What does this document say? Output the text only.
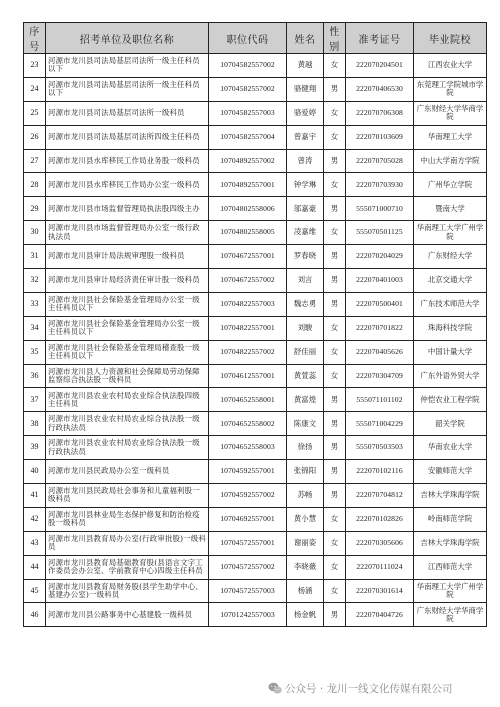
序号	招考单位及职位名称	职位代码	姓名	性别	准考证号	毕业院校
23	河源市龙川县司法局基层司法所一级主任科员以下	10704582557002	黄越	女	222070204501	江西农业大学
24	河源市龙川县司法局基层司法所一级主任科员以下	10704582557002	骆健翔	男	222070406530	东莞理工学院城市学院
25	河源市龙川县司法局基层司法所一级科员	10704582557003	骆爱婷	女	222070706308	广东财经大学华商学院
26	河源市龙川县司法局基层司法所四级主任科员	10704582557004	曾嘉宇	女	222070103609	华南理工大学
27	河源市龙川县水库移民工作局业务股一级科员	10704892557002	曾涛	男	222070705028	中山大学南方学院
28	河源市龙川县水库移民工作局办公室一级科员	10704892557001	钟学琳	女	222070703930	广州华立学院
29	河源市龙川县市场监督管理局执法股四级主办	10704802558006	邬嘉豪	男	555071000710	暨南大学
30	河源市龙川县市场监督管理局办公室一级行政执法员	10704802558005	凌嘉维	女	555070501125	华南理工大学广州学院
31	河源市龙川县审计局法规审理股一级科员	10704672557001	罗春晓	男	222070204029	广东财经大学
32	河源市龙川县审计局经济责任审计股一级科员	10704672557002	刘言	男	222070401003	北京交通大学
33	河源市龙川县社会保险基金管理局办公室一级主任科员以下	10704822557003	魏志勇	男	222070500401	广东技术师范大学
34	河源市龙川县社会保险基金管理局办公室一级主任科员以下	10704822557001	刘駿	女	222070701822	珠海科技学院
35	河源市龙川县社会保险基金管理局稽查股一级主任科员以下	10704822557002	舒佳丽	女	222070405626	中国计量大学
36	河源市龙川县人力资源和社会保障局劳动保障监察综合执法股一级科员	10704612557001	黄萱蕊	女	222070304709	广东外语外贸大学
37	河源市龙川县农业农村局农业综合执法股四级主任科员	10704652558001	黄富煌	男	555071101102	仲恺农业工程学院
38	河源市龙川县农业农村局农业综合执法股一级行政执法员	10704652558002	陈康文	男	555071004229	韶关学院
39	河源市龙川县农业农村局农业综合执法股一级行政执法员	10704652558003	徐扬	男	555070503503	华南农业大学
40	河源市龙川县民政局办公室一级科员	10704592557001	张锦阳	男	222070102116	安徽师范大学
41	河源市龙川县民政局社会事务和儿童福利股一级科员	10704592557002	苏畅	男	222070704812	吉林大学珠海学院
42	河源市龙川县林业局生态保护修复和防治检疫股一级科员	10704692557001	黄小慧	女	222070102826	岭南师范学院
43	河源市龙川县教育局办公室(行政审批股)一级科员	10704572557001	谢丽姿	女	222070305606	吉林大学珠海学院
44	河源市龙川县教育局基础教育股(县语言文字工作委员会办公室、学前教育中心)四级主任科员	10704572557002	李晓薇	女	222070111024	江西师范大学
45	河源市龙川县教育局财务股(县学生助学中心、基建办公室)一级科员	10704572557003	杨涵	女	222070301614	华南理工大学广州学院
46	河源市龙川县公路事务中心基建股一级科员	10701242557003	杨金帆	男	222070404726	广东财经大学华商学院
公众号 · 龙川一线文化传媒有限公司
